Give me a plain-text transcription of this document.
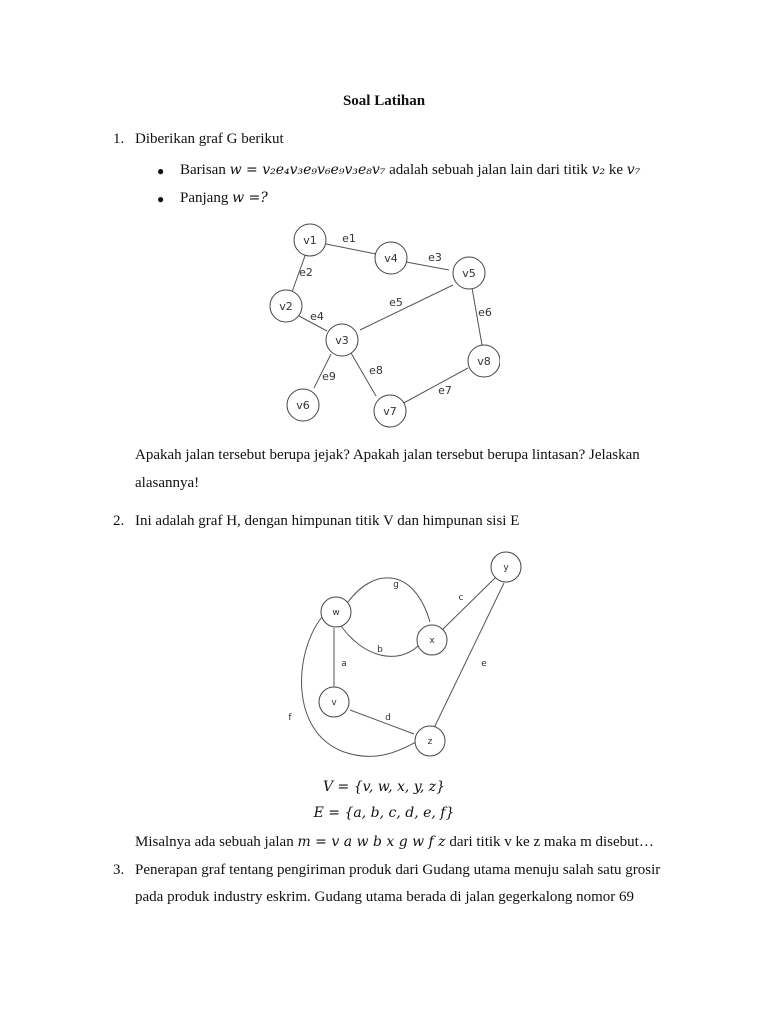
Soal Latihan
1. Diberikan graf G berikut
● Barisan w = v₂e₄v₃e₉v₆e₉v₃e₈v₇ adalah sebuah jalan lain dari titik v₂ ke v₇
● Panjang w =?
v1
v2
v3
v4
v5
v6	v7
v8
e1
e2
e3
e4
e5
e6
e7
e8
e9
Apakah jalan tersebut berupa jejak? Apakah jalan tersebut berupa lintasan? Jelaskan
alasannya!
2. Ini adalah graf H, dengan himpunan titik V dan himpunan sisi E
w
x
y
v
z
g
c
b
a	e
f	d
V = {v, w, x, y, z}
E = {a, b, c, d, e, f}
Misalnya ada sebuah jalan m = v a w b x g w f z dari titik v ke z maka m disebut…
3. Penerapan graf tentang pengiriman produk dari Gudang utama menuju salah satu grosir
pada produk industry eskrim. Gudang utama berada di jalan gegerkalong nomor 69
